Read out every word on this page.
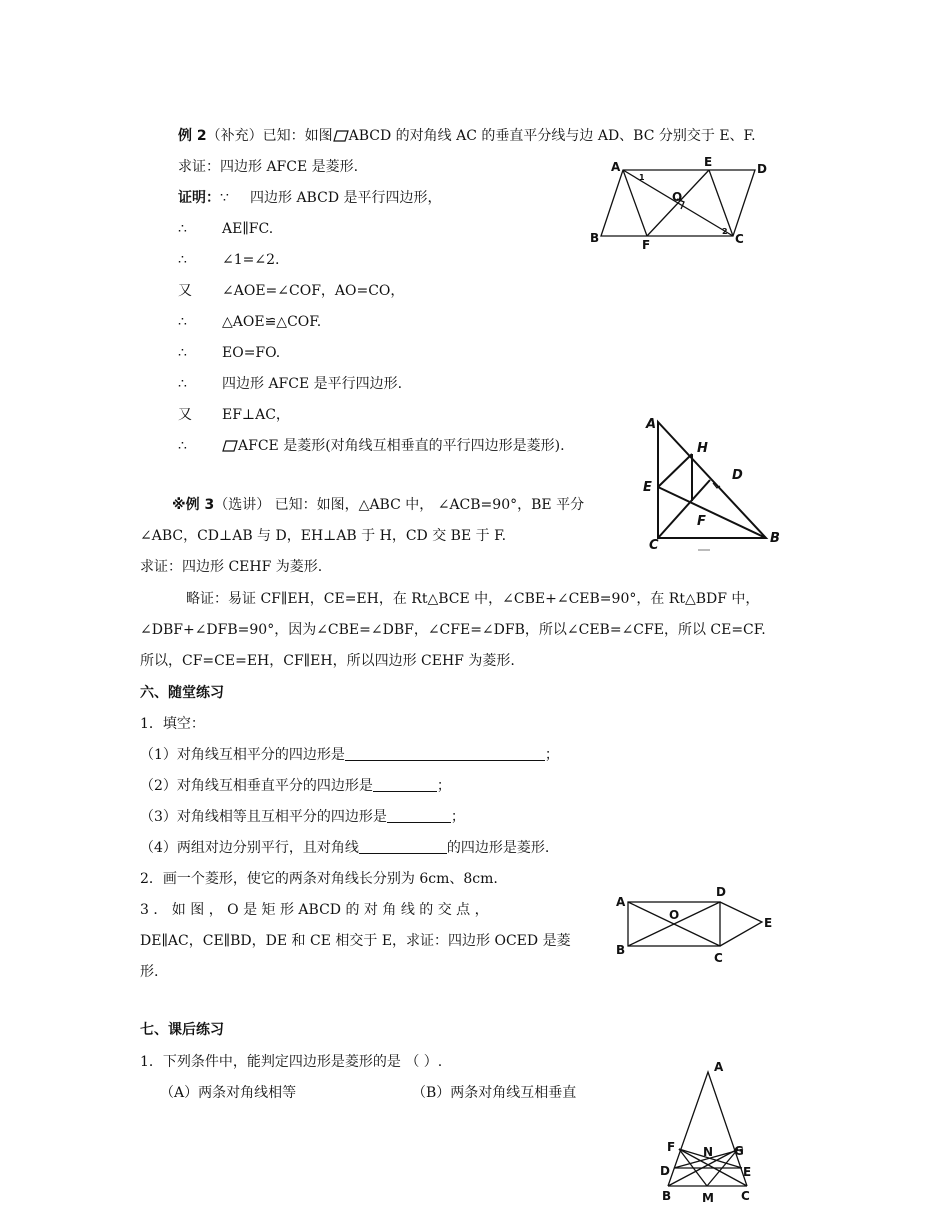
例 2（补充）已知：如图 ABCD 的对角线 AC 的垂直平分线与边 AD、BC 分别交于 E、F.
求证：四边形 AFCE 是菱形.
证明：∵ 四边形 ABCD 是平行四边形，
∴	AE∥FC.
∴	∠1=∠2.
又 ∠AOE=∠COF，AO=CO，
∴	△AOE≌△COF.
∴	EO=FO.
∴	四边形 AFCE 是平行四边形.
又 EF⊥AC，
∴	AFCE 是菱形(对角线互相垂直的平行四边形是菱形).
A	E	D
O
B	F	C
1
2
※例 3（选讲） 已知：如图，△ABC 中， ∠ACB=90°，BE 平分
∠ABC，CD⊥AB 与 D，EH⊥AB 于 H，CD 交 BE 于 F.
求证：四边形 CEHF 为菱形.
略证：易证 CF∥EH，CE=EH，在 Rt△BCE 中，∠CBE+∠CEB=90°，在 Rt△BDF 中，
∠DBF+∠DFB=90°，因为∠CBE=∠DBF，∠CFE=∠DFB，所以∠CEB=∠CFE，所以 CE=CF.
所以，CF=CE=EH，CF∥EH，所以四边形 CEHF 为菱形.
A
H
D
E
F
C	B
六、随堂练习
1．填空：
（1）对角线互相平分的四边形是	；
（2）对角线互相垂直平分的四边形是	；
（3）对角线相等且互相平分的四边形是	；
（4）两组对边分别平行，且对角线	的四边形是菱形.
2．画一个菱形，使它的两条对角线长分别为 6cm、8cm.
3 ． 如 图 ， O 是 矩 形 ABCD 的 对 角 线 的 交 点 ，
DE∥AC，CE∥BD，DE 和 CE 相交于 E，求证：四边形 OCED 是菱
形.
A
D
O
E
B
C
七、课后练习
1．下列条件中，能判定四边形是菱形的是 （ ）.
（A）两条对角线相等	（B）两条对角线互相垂直
A
F N G
D	E
B	M C
